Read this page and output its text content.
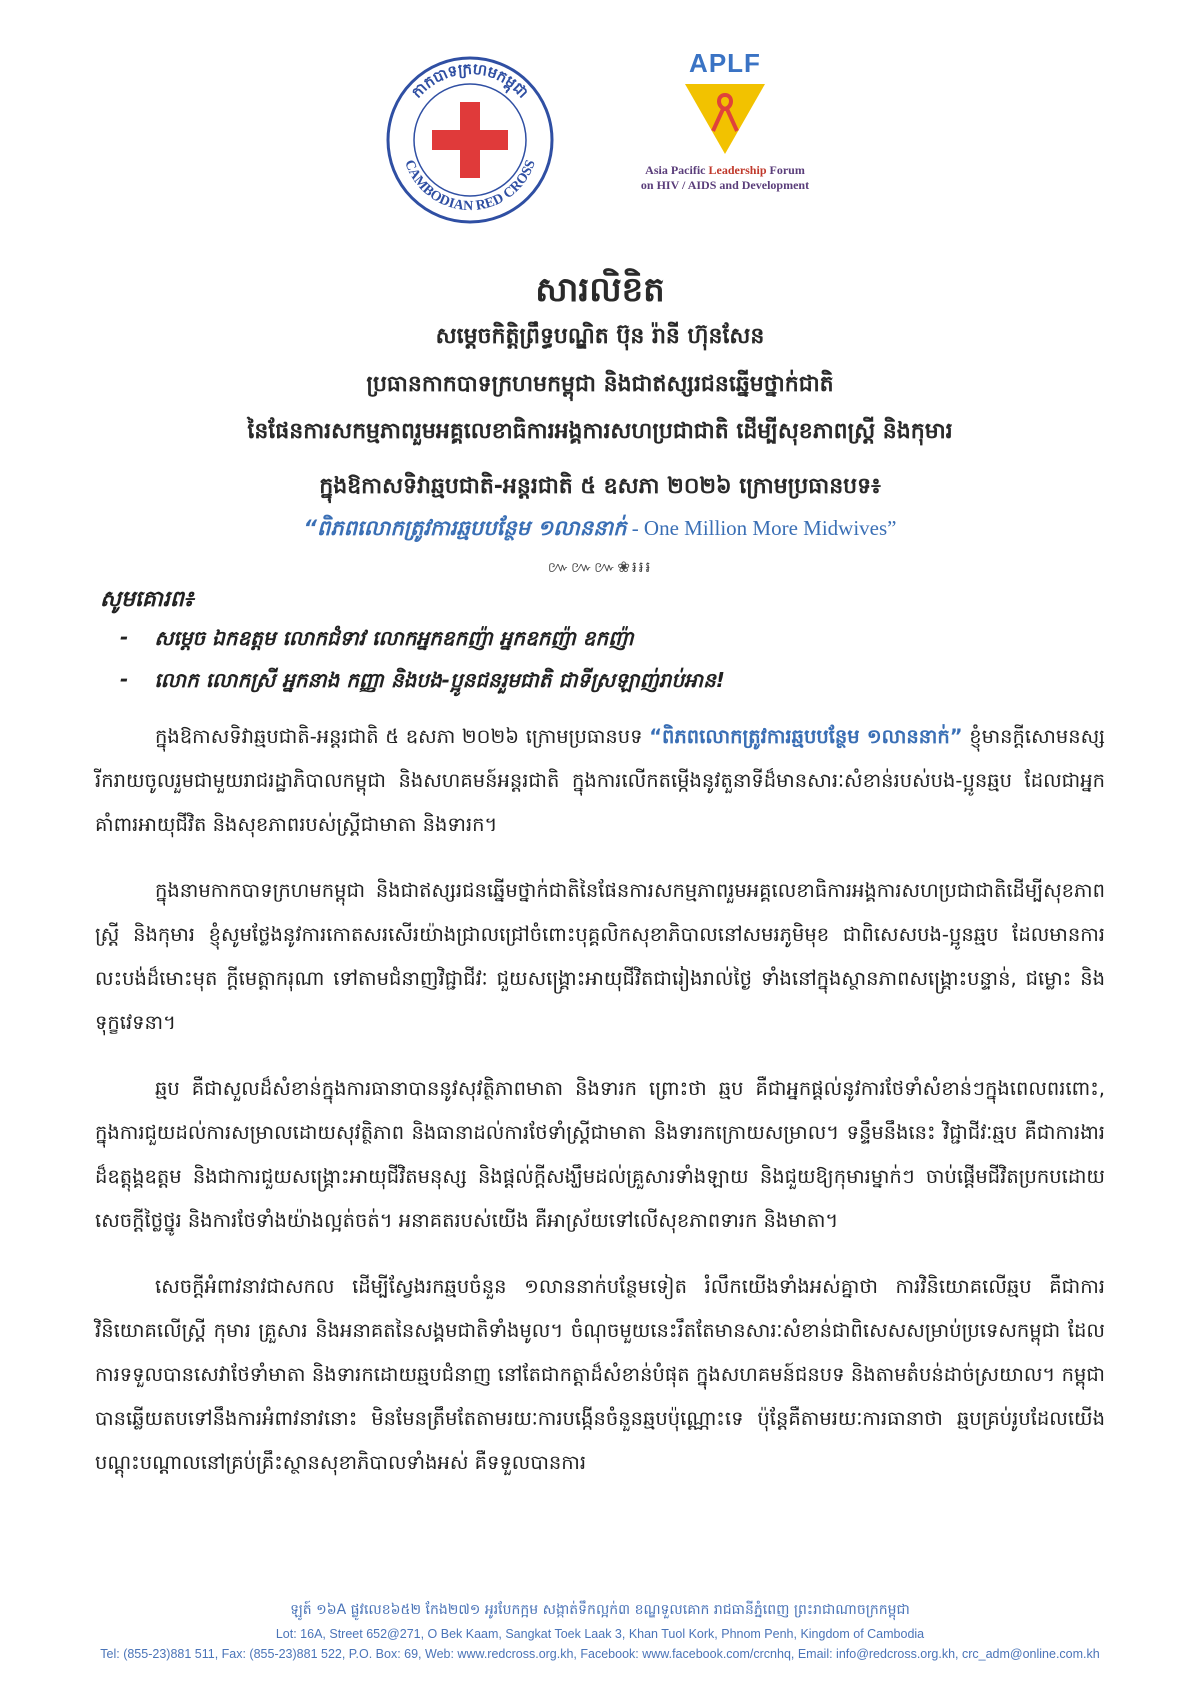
កាកបាទក្រហមកម្ពុជា
CAMBODIAN RED CROSS
APLF
Asia Pacific Leadership Forum
on HIV / AIDS and Development
សារលិខិត
សម្តេចកិត្តិព្រឹទ្ធបណ្ឌិត ប៊ុន រ៉ានី ហ៊ុនសែន
ប្រធានកាកបាទក្រហមកម្ពុជា និងជាឥស្សរជនឆ្នើមថ្នាក់ជាតិ
នៃផែនការសកម្មភាពរួមអគ្គលេខាធិការអង្គការសហប្រជាជាតិ ដើម្បីសុខភាពស្ត្រី និងកុមារ
ក្នុងឱកាសទិវាឆ្មបជាតិ-អន្តរជាតិ ៥ ឧសភា ២០២៦ ក្រោមប្រធានបទ៖
“ពិភពលោកត្រូវការឆ្មបបន្ថែម ១លាននាក់ - One Million More Midwives”
៚៚៚❀៛៛៛
សូមគោរព៖
- សម្តេច ឯកឧត្តម លោកជំទាវ លោកអ្នកឧកញ៉ា អ្នកឧកញ៉ា ឧកញ៉ា
- លោក លោកស្រី អ្នកនាង កញ្ញា និងបង-ប្អូនជនរួមជាតិ ជាទីស្រឡាញ់រាប់អាន!

ក្នុងឱកាសទិវាឆ្មបជាតិ-អន្តរជាតិ ៥ ឧសភា ២០២៦ ក្រោមប្រធានបទ “ពិភពលោកត្រូវការឆ្មបបន្ថែម ១លាននាក់” ខ្ញុំមានក្តីសោមនស្សរីករាយចូលរួមជាមួយរាជរដ្ឋាភិបាលកម្ពុជា និងសហគមន៍អន្តរជាតិ ក្នុងការលើកតម្កើងនូវតួនាទីដ៏មានសារៈសំខាន់របស់បង-ប្អូនឆ្មប ដែលជាអ្នកគាំពារអាយុជីវិត និងសុខភាពរបស់ស្ត្រីជាមាតា និងទារក។

ក្នុងនាមកាកបាទក្រហមកម្ពុជា និងជាឥស្សរជនឆ្នើមថ្នាក់ជាតិនៃផែនការសកម្មភាពរួមអគ្គលេខាធិការអង្គការសហប្រជាជាតិដើម្បីសុខភាពស្ត្រី និងកុមារ ខ្ញុំសូមថ្លែងនូវការកោតសរសើរយ៉ាងជ្រាលជ្រៅចំពោះបុគ្គលិកសុខាភិបាលនៅសមរភូមិមុខ ជាពិសេសបង-ប្អូនឆ្មប ដែលមានការលះបង់ដ៏មោះមុត ក្តីមេត្តាករុណា ទៅតាមជំនាញវិជ្ជាជីវៈ ជួយសង្គ្រោះអាយុជីវិតជារៀងរាល់ថ្ងៃ ទាំងនៅក្នុងស្ថានភាពសង្គ្រោះបន្ទាន់, ជម្លោះ និងទុក្ខវេទនា។

ឆ្មប គឺជាសួលដ៏សំខាន់ក្នុងការធានាបាននូវសុវត្ថិភាពមាតា និងទារក ព្រោះថា ឆ្មប គឺជាអ្នកផ្តល់នូវការថែទាំសំខាន់ៗក្នុងពេលពរពោះ, ក្នុងការជួយដល់ការសម្រាលដោយសុវត្ថិភាព និងធានាដល់ការថែទាំស្ត្រីជាមាតា និងទារកក្រោយសម្រាល។ ទន្ទឹមនឹងនេះ វិជ្ជាជីវៈឆ្មប គឺជាការងារដ៏ឧត្តុង្គឧត្តម និងជាការជួយសង្គ្រោះអាយុជីវិតមនុស្ស និងផ្តល់ក្តីសង្ឃឹមដល់គ្រួសារទាំងឡាយ និងជួយឱ្យកុមារម្នាក់ៗ ចាប់ផ្តើមជីវិតប្រកបដោយសេចក្តីថ្លៃថ្នូរ និងការថែទាំងយ៉ាងល្អត់ចត់។ អនាគតរបស់យើង គឺអាស្រ័យទៅលើសុខភាពទារក និងមាតា។

សេចក្តីអំពាវនាវជាសកល ដើម្បីស្វែងរកឆ្មបចំនួន ១លាននាក់បន្ថែមទៀត រំលឹកយើងទាំងអស់គ្នាថា ការវិនិយោគលើឆ្មប គឺជាការវិនិយោគលើស្ត្រី កុមារ គ្រួសារ និងអនាគតនៃសង្គមជាតិទាំងមូល។ ចំណុចមួយនេះរឹតតែមានសារៈសំខាន់ជាពិសេសសម្រាប់ប្រទេសកម្ពុជា ដែលការទទួលបានសេវាថែទាំមាតា និងទារកដោយឆ្មបជំនាញ នៅតែជាកត្តាដ៏សំខាន់បំផុត ក្នុងសហគមន៍ជនបទ និងតាមតំបន់ដាច់ស្រយាល។ កម្ពុជាបានឆ្លើយតបទៅនឹងការអំពាវនាវនោះ មិនមែនត្រឹមតែតាមរយៈការបង្កើនចំនួនឆ្មបប៉ុណ្ណោះទេ ប៉ុន្តែគឺតាមរយៈការធានាថា ឆ្មបគ្រប់រូបដែលយើងបណ្តុះបណ្តាលនៅគ្រប់គ្រឹះស្ថានសុខាភិបាលទាំងអស់ គឺទទួលបានការ

ឡូត៍ ១៦A ផ្លូវលេខ៦៥២ កែង២៧១ អូរបែកក្អម សង្កាត់ទឹកល្អក់៣ ខណ្ឌទួលគោក រាជធានីភ្នំពេញ ព្រះរាជាណាចក្រកម្ពុជា
Lot: 16A, Street 652@271, O Bek Kaam, Sangkat Toek Laak 3, Khan Tuol Kork, Phnom Penh, Kingdom of Cambodia
Tel: (855-23)881 511, Fax: (855-23)881 522, P.O. Box: 69, Web: www.redcross.org.kh, Facebook: www.facebook.com/crcnhq, Email: info@redcross.org.kh, crc_adm@online.com.kh
